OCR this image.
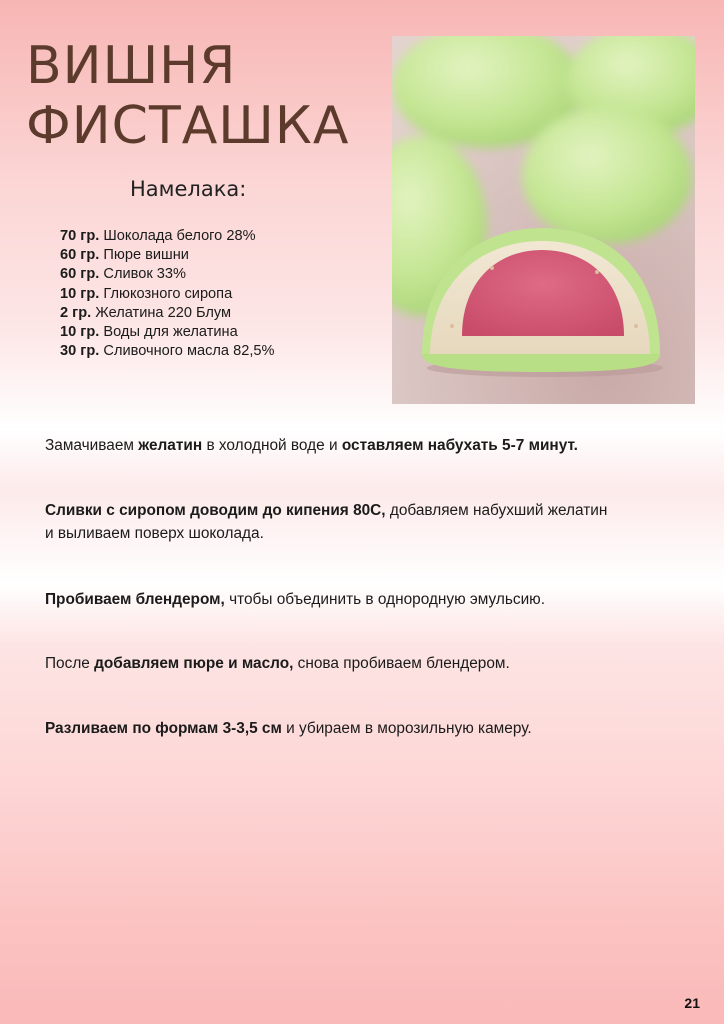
ВИШНЯ
ФИСТАШКА
Намелака:
70 гр. Шоколада белого 28%
60 гр. Пюре вишни
60 гр. Сливок 33%
10 гр. Глюкозного сиропа
2 гр. Желатина 220 Блум
10 гр. Воды для желатина
30 гр. Сливочного масла 82,5%

Замачиваем желатин в холодной воде и оставляем набухать 5-7 минут.

Сливки с сиропом доводим до кипения 80С, добавляем набухший желатин
и выливаем поверх шоколада.

Пробиваем блендером, чтобы объединить в однородную эмульсию.

После добавляем пюре и масло, снова пробиваем блендером.

Разливаем по формам 3-3,5 см и убираем в морозильную камеру.

21
